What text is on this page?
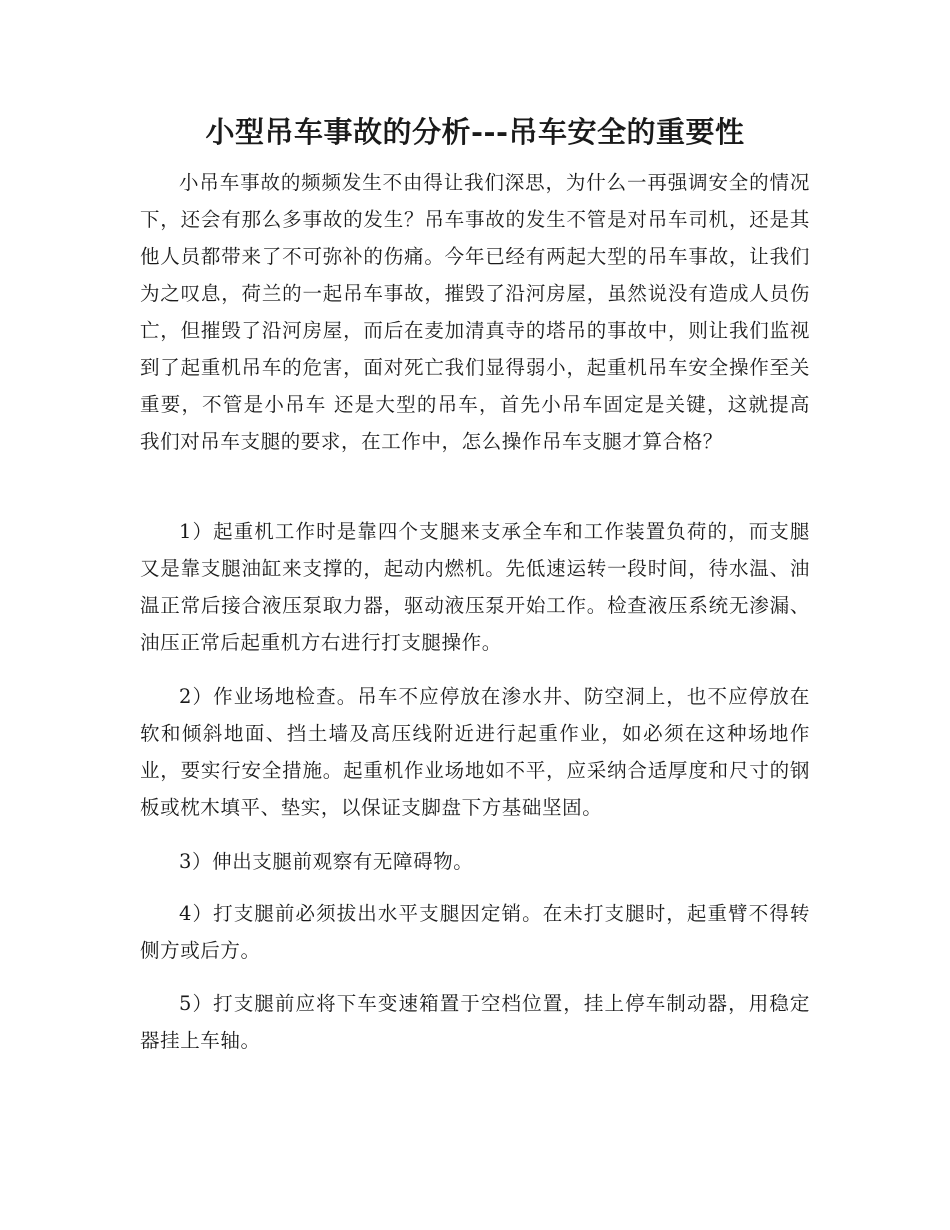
小型吊车事故的分析---吊车安全的重要性

小吊车事故的频频发生不由得让我们深思，为什么一再强调安全的情况下，还会有那么多事故的发生？吊车事故的发生不管是对吊车司机，还是其他人员都带来了不可弥补的伤痛。今年已经有两起大型的吊车事故，让我们为之叹息，荷兰的一起吊车事故，摧毁了沿河房屋，虽然说没有造成人员伤亡，但摧毁了沿河房屋，而后在麦加清真寺的塔吊的事故中，则让我们监视到了起重机吊车的危害，面对死亡我们显得弱小，起重机吊车安全操作至关重要，不管是小吊车 还是大型的吊车，首先小吊车固定是关键，这就提高我们对吊车支腿的要求，在工作中，怎么操作吊车支腿才算合格？

1）起重机工作时是靠四个支腿来支承全车和工作装置负荷的，而支腿又是靠支腿油缸来支撑的，起动内燃机。先低速运转一段时间，待水温、油温正常后接合液压泵取力器，驱动液压泵开始工作。检查液压系统无渗漏、油压正常后起重机方右进行打支腿操作。

2）作业场地检查。吊车不应停放在渗水井、防空洞上，也不应停放在软和倾斜地面、挡土墙及高压线附近进行起重作业，如必须在这种场地作业，要实行安全措施。起重机作业场地如不平，应采纳合适厚度和尺寸的钢板或枕木填平、垫实，以保证支脚盘下方基础坚固。

3）伸出支腿前观察有无障碍物。

4）打支腿前必须拔出水平支腿因定销。在未打支腿时，起重臂不得转侧方或后方。

5）打支腿前应将下车变速箱置于空档位置，挂上停车制动器，用稳定器挂上车轴。
